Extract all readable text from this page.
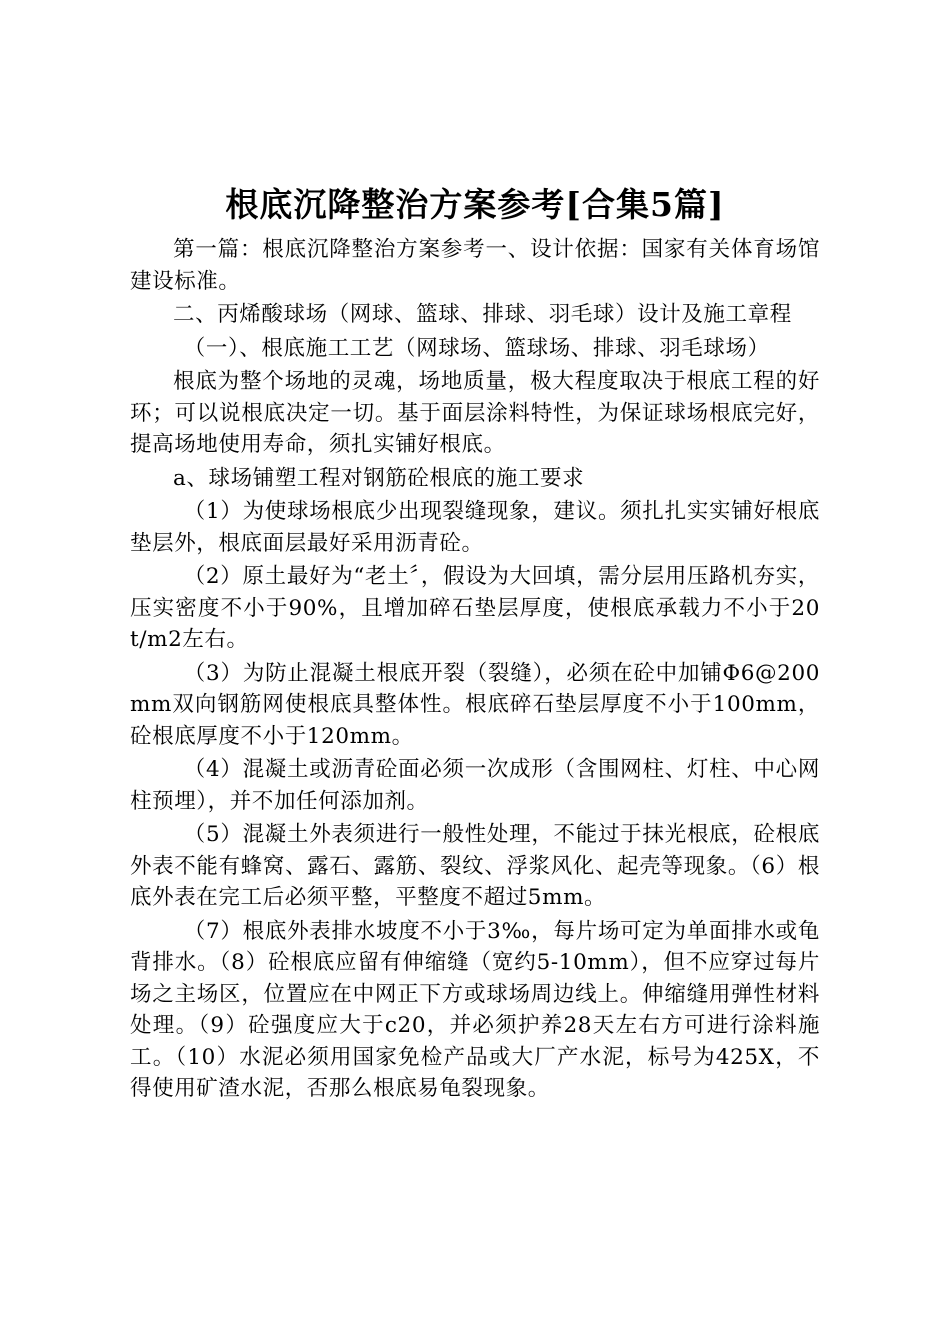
根底沉降整治方案参考[合集5篇]

第一篇：根底沉降整治方案参考一、设计依据：国家有关体育场馆建设标准。

二、丙烯酸球场（网球、篮球、排球、羽毛球）设计及施工章程

（一）、根底施工工艺（网球场、篮球场、排球、羽毛球场）

根底为整个场地的灵魂，场地质量，极大程度取决于根底工程的好环；可以说根底决定一切。基于面层涂料特性，为保证球场根底完好，提高场地使用寿命，须扎实铺好根底。

a、球场铺塑工程对钢筋砼根底的施工要求

（1）为使球场根底少出现裂缝现象，建议。须扎扎实实铺好根底垫层外，根底面层最好采用沥青砼。

（2）原土最好为“老土〞，假设为大回填，需分层用压路机夯实，压实密度不小于90%，且增加碎石垫层厚度，使根底承载力不小于20t/m2左右。

（3）为防止混凝土根底开裂（裂缝），必须在砼中加铺Φ6@200mm双向钢筋网使根底具整体性。根底碎石垫层厚度不小于100mm，砼根底厚度不小于120mm。

（4）混凝土或沥青砼面必须一次成形（含围网柱、灯柱、中心网柱预埋），并不加任何添加剂。

（5）混凝土外表须进行一般性处理，不能过于抹光根底，砼根底外表不能有蜂窝、露石、露筋、裂纹、浮浆风化、起壳等现象。（6）根底外表在完工后必须平整，平整度不超过5mm。

（7）根底外表排水坡度不小于3‰，每片场可定为单面排水或龟背排水。（8）砼根底应留有伸缩缝（宽约5-10mm），但不应穿过每片场之主场区，位置应在中网正下方或球场周边线上。伸缩缝用弹性材料处理。（9）砼强度应大于c20，并必须护养28天左右方可进行涂料施工。（10）水泥必须用国家免检产品或大厂产水泥，标号为425X，不得使用矿渣水泥，否那么根底易龟裂现象。
